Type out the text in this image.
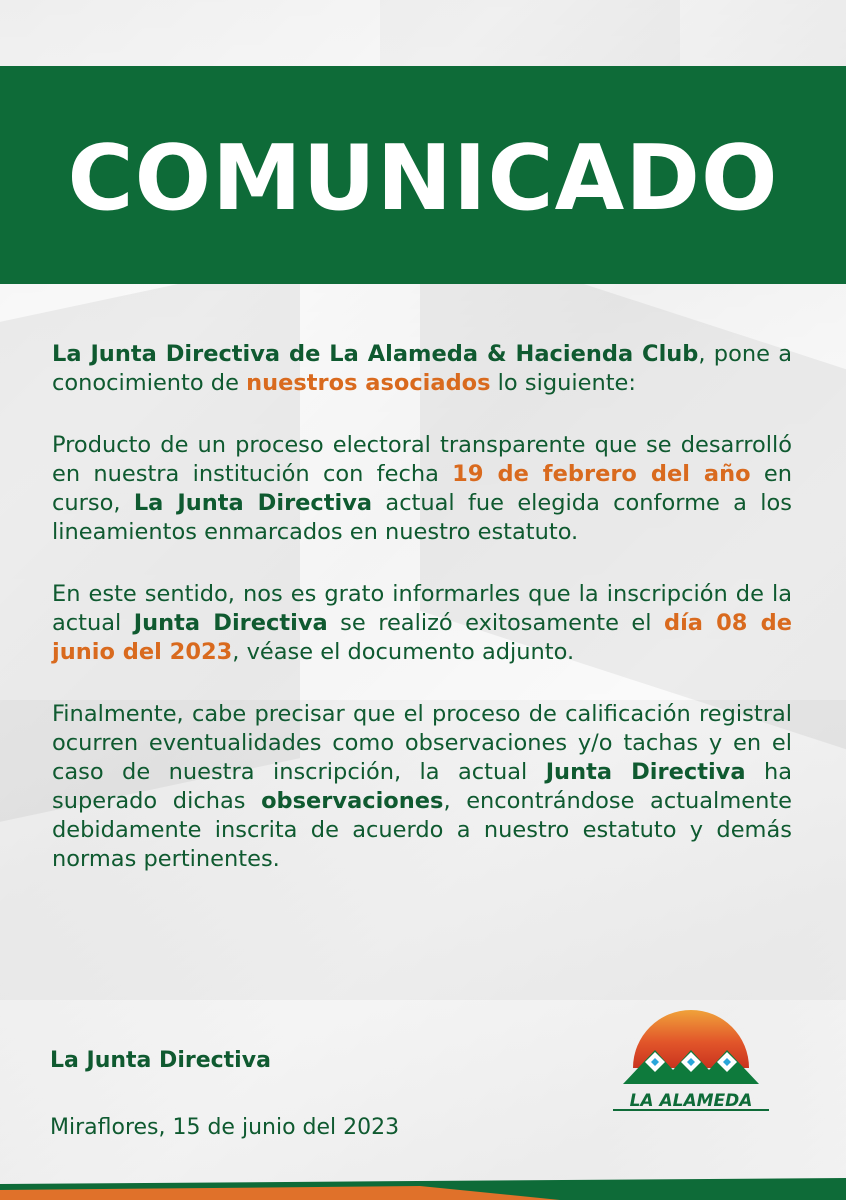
COMUNICADO

La Junta Directiva de La Alameda & Hacienda Club, pone a conocimiento de nuestros asociados lo siguiente:

Producto de un proceso electoral transparente que se desarrolló en nuestra institución con fecha 19 de febrero del año en curso, La Junta Directiva actual fue elegida conforme a los lineamientos enmarcados en nuestro estatuto.

En este sentido, nos es grato informarles que la inscripción de la actual Junta Directiva se realizó exitosamente el día 08 de junio del 2023, véase el documento adjunto.

Finalmente, cabe precisar que el proceso de calificación registral ocurren eventualidades como observaciones y/o tachas y en el caso de nuestra inscripción, la actual Junta Directiva ha superado dichas observaciones, encontrándose actualmente debidamente inscrita de acuerdo a nuestro estatuto y demás normas pertinentes.

La Junta Directiva
Miraflores, 15 de junio del 2023
LA ALAMEDA
